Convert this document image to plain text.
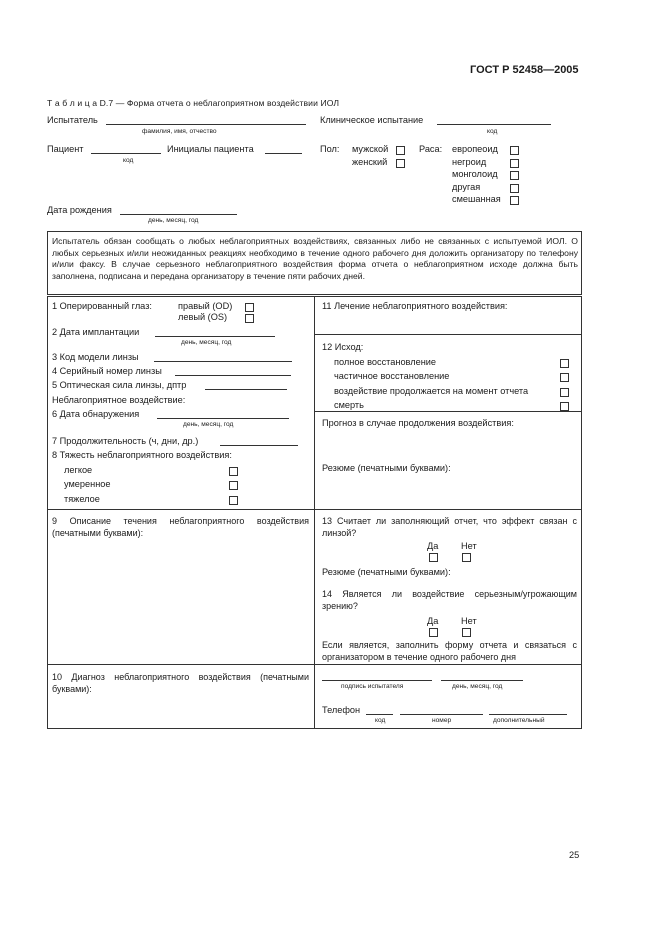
ГОСТ Р 52458—2005
Т а б л и ц а D.7 — Форма отчета о неблагоприятном воздействии ИОЛ
Испытатель
фамилия, имя, отчество
Клиническое испытание
код
Пациент
код
Инициалы пациента	Пол: мужской
женский
Раса: европеоид
негроид
монголоид
другая
смешанная
Дата рождения
день, месяц, год
Испытатель обязан сообщать о любых неблагоприятных воздействиях, связанных либо не связанных с испытуемой ИОЛ. О любых серьезных и/или неожиданных реакциях необходимо в течение одного рабочего дня доложить организатору по телефону и/или факсу. В случае серьезного неблагоприятного воздействия форма отчета о неблагоприятном исходе должна быть заполнена, подписана и передана организатору в течение пяти рабочих дней.
1 Оперированный глаз:	правый (OD)
левый (OS)
2 Дата имплантации
день, месяц, год
3 Код модели линзы
4 Серийный номер линзы
5 Оптическая сила линзы, дптр
Неблагоприятное воздействие:
6 Дата обнаружения
день, месяц, год
7 Продолжительность (ч, дни, др.)
8 Тяжесть неблагоприятного воздействия:
легкое
умеренное
тяжелое
9 Описание течения неблагоприятного воздействия (печатными буквами):
10 Диагноз неблагоприятного воздействия (печатными буквами):
11 Лечение неблагоприятного воздействия:
12 Исход:
полное восстановление
частичное восстановление
воздействие продолжается на момент отчета
смерть
Прогноз в случае продолжения воздействия:
Резюме (печатными буквами):
13 Считает ли заполняющий отчет, что эффект связан с линзой?
Да Нет
Резюме (печатными буквами):
14 Является ли воздействие серьезным/угрожающим зрению?
Да Нет
Если является, заполнить форму отчета и связаться с организатором в течение одного рабочего дня
подпись испытателя	день, месяц, год
Телефон
код	номер	дополнительный
25
